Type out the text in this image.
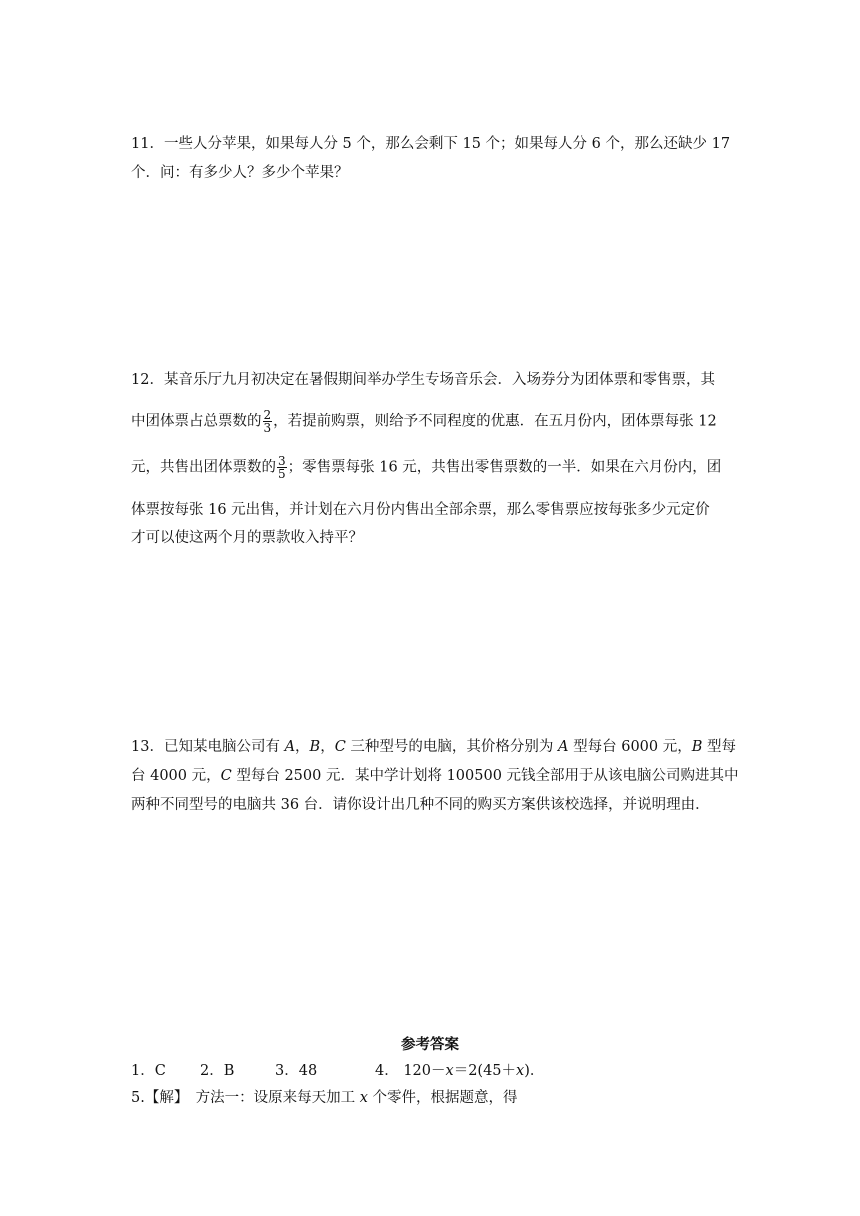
11．一些人分苹果，如果每人分 5 个，那么会剩下 15 个；如果每人分 6 个，那么还缺少 17
个．问：有多少人？多少个苹果？
12．某音乐厅九月初决定在暑假期间举办学生专场音乐会．入场券分为团体票和零售票，其
中团体票占总票数的 $\frac{2}{3}$ ，若提前购票，则给予不同程度的优惠．在五月份内，团体票每张 12
元，共售出团体票数的 $\frac{3}{5}$ ；零售票每张 16 元，共售出零售票数的一半．如果在六月份内，团
体票按每张 16 元出售，并计划在六月份内售出全部余票，那么零售票应按每张多少元定价
才可以使这两个月的票款收入持平？
13．已知某电脑公司有 A，B，C 三种型号的电脑，其价格分别为 A 型每台 6000 元，B 型每
台 4000 元，C 型每台 2500 元．某中学计划将 100500 元钱全部用于从该电脑公司购进其中
两种不同型号的电脑共 36 台．请你设计出几种不同的购买方案供该校选择，并说明理由．
参考答案
1．C 2．B	3．48	4． 120－x＝2(45＋x)．
5.【解】　方法一：设原来每天加工 x 个零件，根据题意，得
